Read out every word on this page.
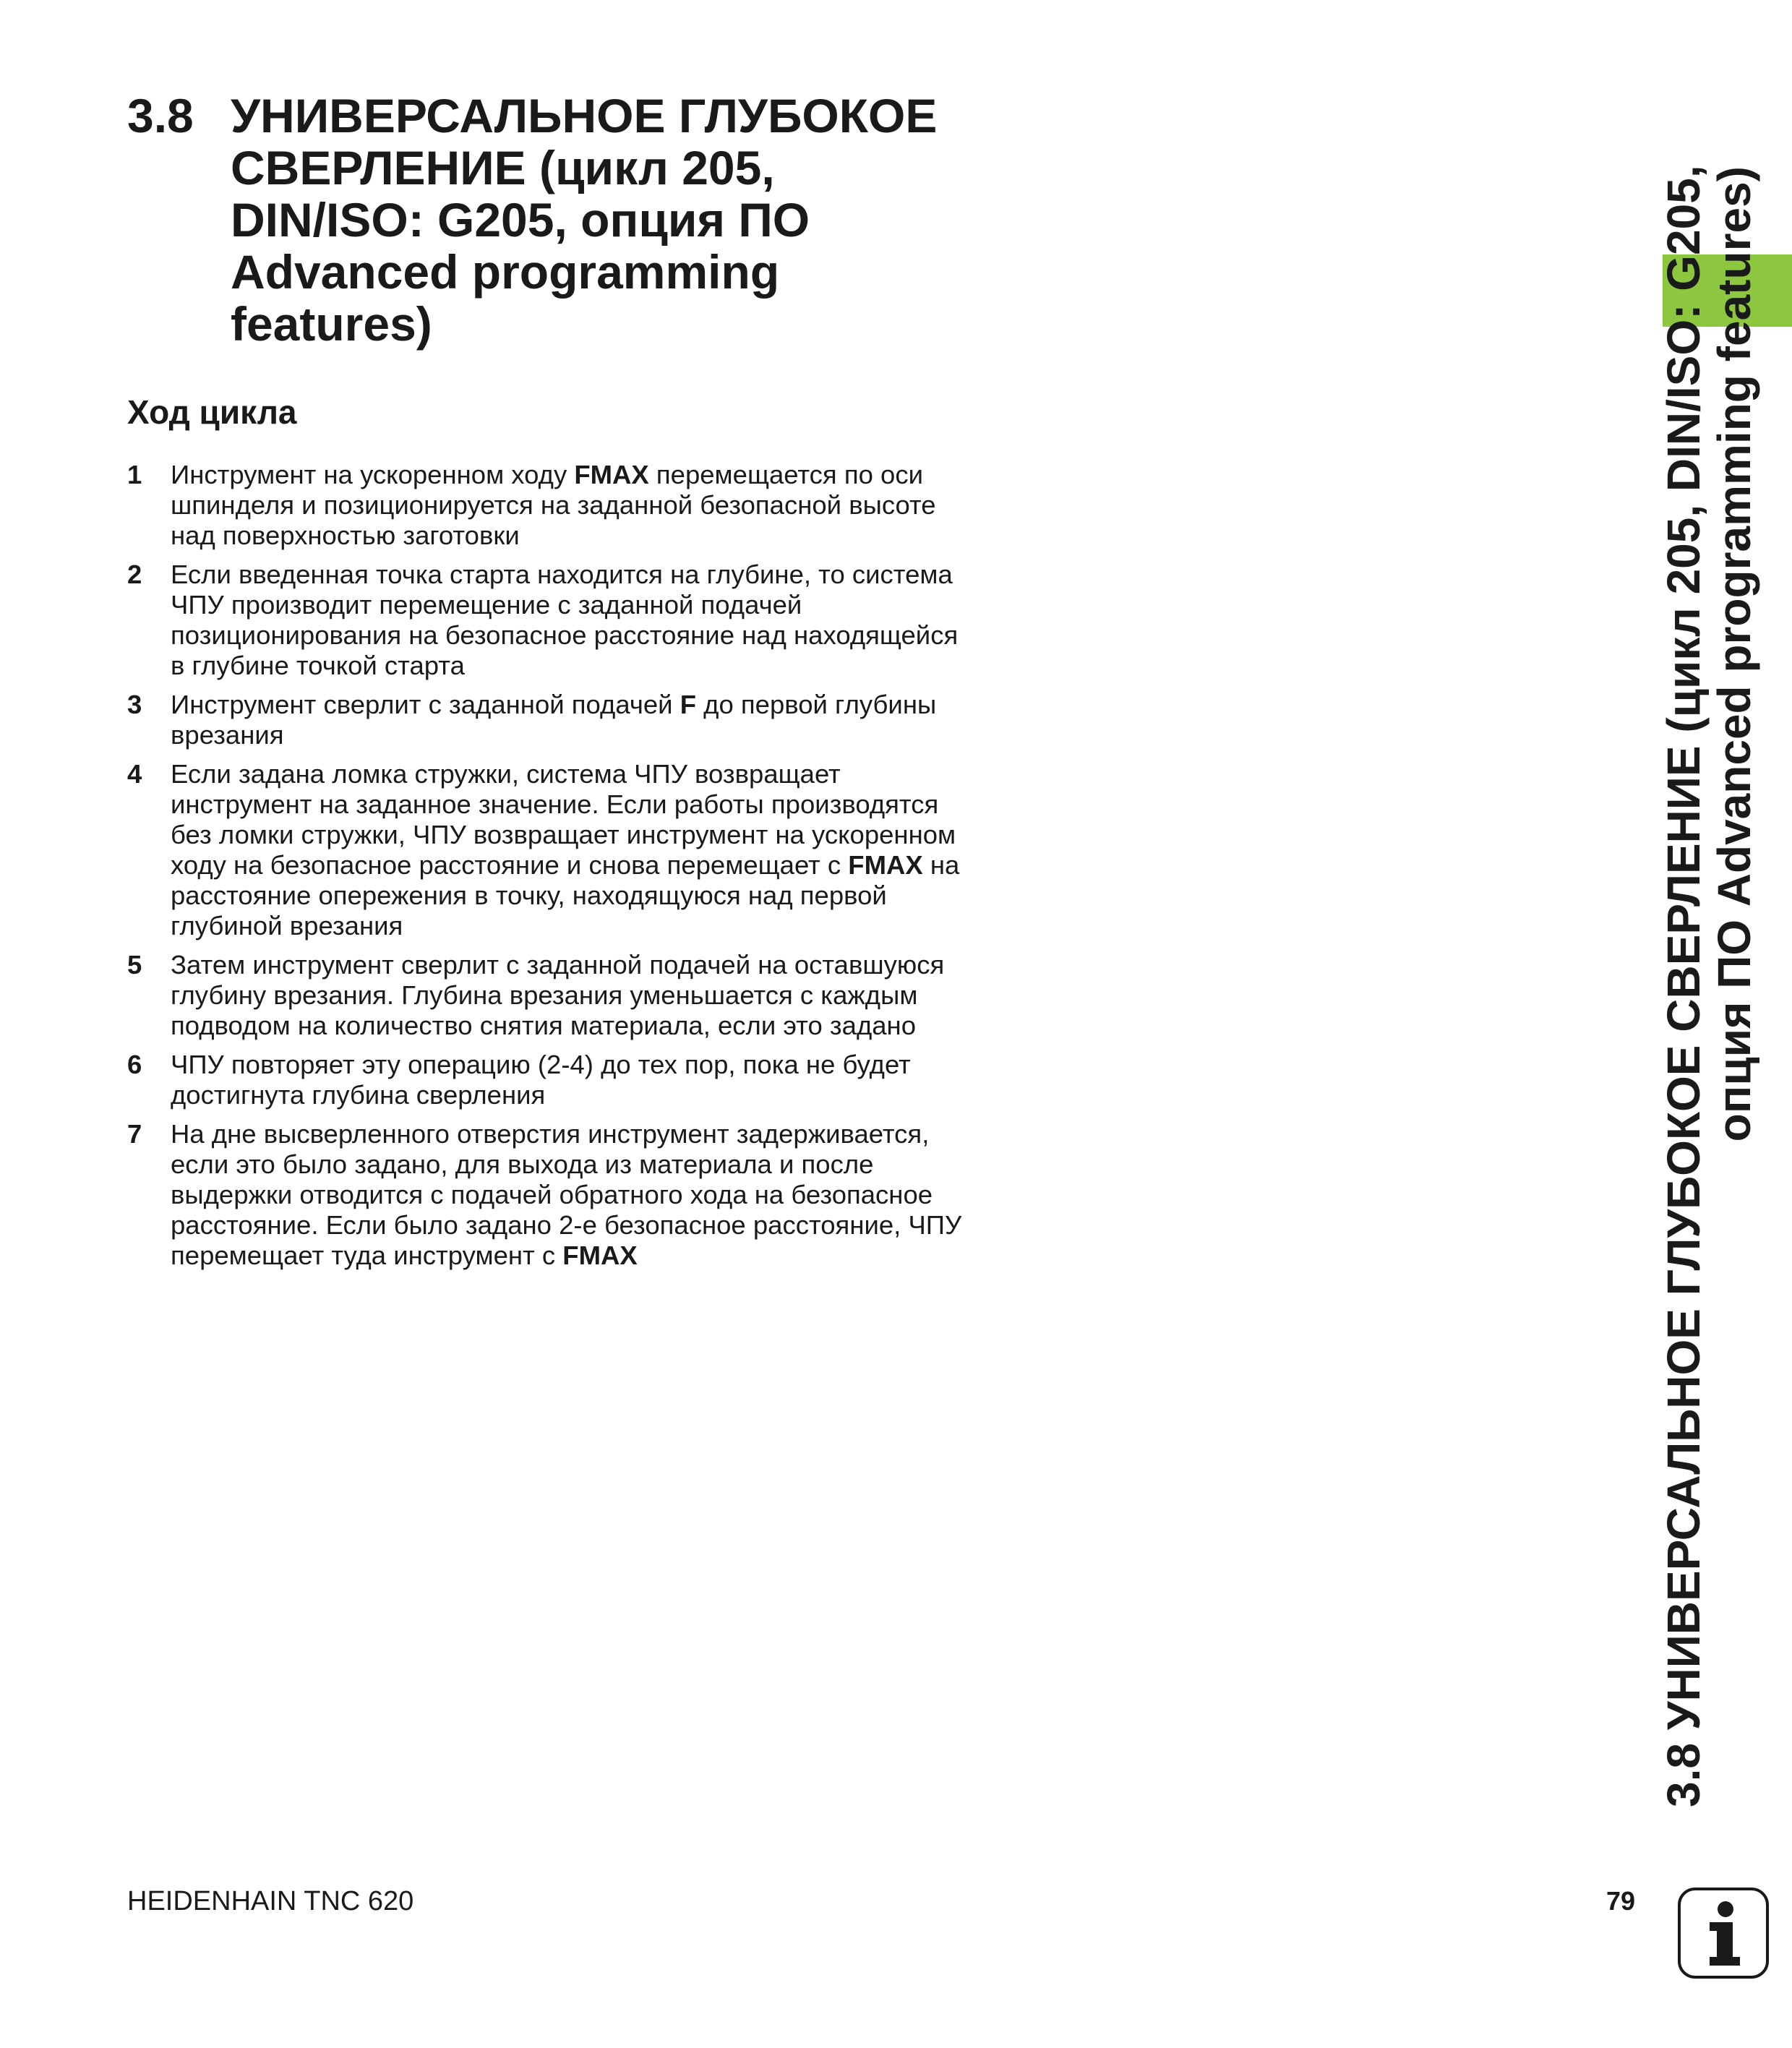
3.8 УНИВЕРСАЛЬНОЕ ГЛУБОКОЕ
СВЕРЛЕНИЕ (цикл 205,
DIN/ISO: G205, опция ПО
Advanced programming
features)
Ход цикла
1 Инструмент на ускоренном ходу FMAX перемещается по оси шпинделя и позиционируется на заданной безопасной высоте над поверхностью заготовки
2 Если введенная точка старта находится на глубине, то система ЧПУ производит перемещение с заданной подачей позиционирования на безопасное расстояние над находящейся в глубине точкой старта
3 Инструмент сверлит с заданной подачей F до первой глубины врезания
4 Если задана ломка стружки, система ЧПУ возвращает инструмент на заданное значение. Если работы производятся без ломки стружки, ЧПУ возвращает инструмент на ускоренном ходу на безопасное расстояние и снова перемещает с FMAX на расстояние опережения в точку, находящуюся над первой глубиной врезания
5 Затем инструмент сверлит с заданной подачей на оставшуюся глубину врезания. Глубина врезания уменьшается с каждым подводом на количество снятия материала, если это задано
6 ЧПУ повторяет эту операцию (2-4) до тех пор, пока не будет достигнута глубина сверления
7 На дне высверленного отверстия инструмент задерживается, если это было задано, для выхода из материала и после выдержки отводится с подачей обратного хода на безопасное расстояние. Если было задано 2-е безопасное расстояние, ЧПУ перемещает туда инструмент с FMAX	3.8 УНИВЕРСАЛЬНОЕ ГЛУБОКОЕ СВЕРЛЕНИЕ (цикл 205, DIN/ISO: G205,
опция ПО Advanced programming features)
HEIDENHAIN TNC 620	79
